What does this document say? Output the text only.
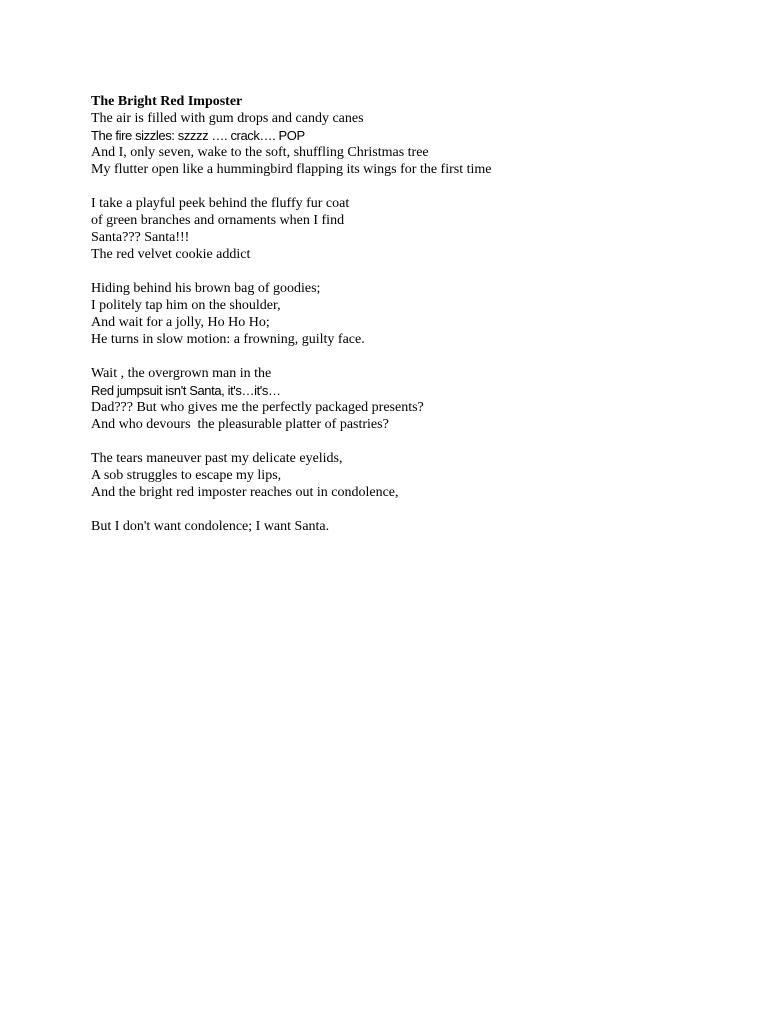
The Bright Red Imposter
The air is filled with gum drops and candy canes
The fire sizzles: szzzz …. crack…. POP
And I, only seven, wake to the soft, shuffling Christmas tree
My flutter open like a hummingbird flapping its wings for the first time
I take a playful peek behind the fluffy fur coat
of green branches and ornaments when I find
Santa??? Santa!!!
The red velvet cookie addict
Hiding behind his brown bag of goodies;
I politely tap him on the shoulder,
And wait for a jolly, Ho Ho Ho;
He turns in slow motion: a frowning, guilty face.
Wait , the overgrown man in the
Red jumpsuit isn't Santa, it's…it's…
Dad??? But who gives me the perfectly packaged presents?
And who devours  the pleasurable platter of pastries?
The tears maneuver past my delicate eyelids,
A sob struggles to escape my lips,
And the bright red imposter reaches out in condolence,
But I don't want condolence; I want Santa.
